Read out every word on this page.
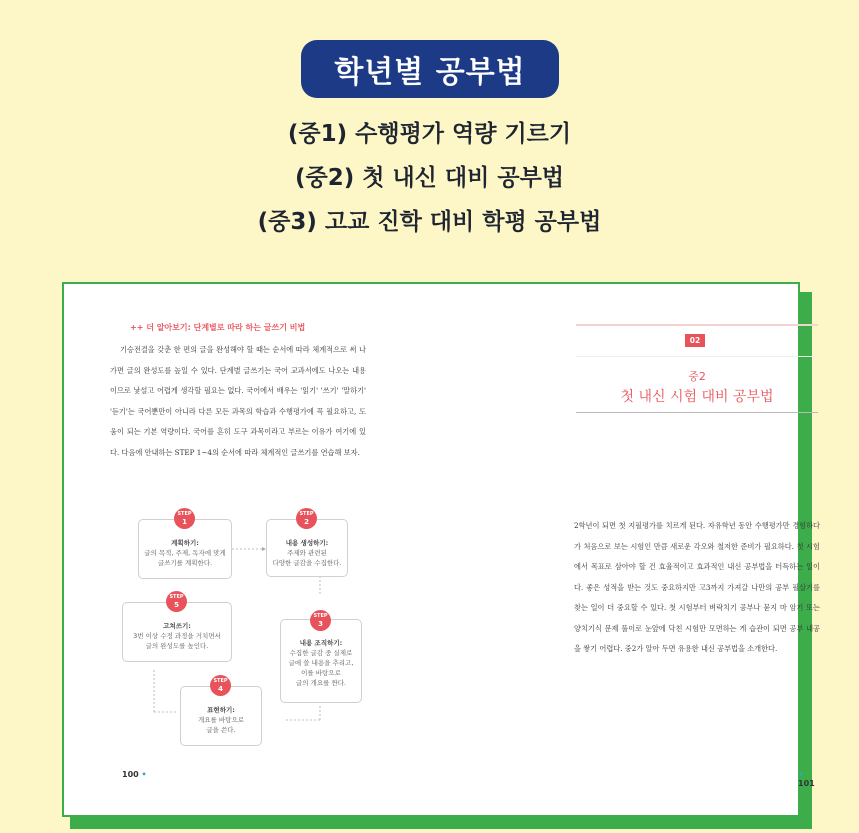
학년별 공부법
(중1) 수행평가 역량 기르기
(중2) 첫 내신 대비 공부법
(중3) 고교 진학 대비 학평 공부법
++ 더 알아보기: 단계별로 따라 하는 글쓰기 비법

기승전결을 갖춘 한 편의 글을 완성해야 할 때는 순서에 따라 체계적으로 써 나가면 글의 완성도를 높일 수 있다. 단계별 글쓰기는 국어 교과서에도 나오는 내용이므로 낯설고 어렵게 생각할 필요는 없다. 국어에서 배우는 '읽기' '쓰기' '말하기' '듣기'는 국어뿐만이 아니라 다른 모든 과목의 학습과 수행평가에 꼭 필요하고, 도움이 되는 기본 역량이다. 국어를 흔히 도구 과목이라고 부르는 이유가 여기에 있다. 다음에 안내하는 STEP 1~4의 순서에 따라 체계적인 글쓰기를 연습해 보자.

계획하기:
글의 목적, 주제, 독자에 맞게
글쓰기를 계획한다.
STEP
1
내용 생성하기:
주제와 관련된
다양한 글감을 수집한다.
STEP
2
내용 조직하기:
수집한 글감 중 실제로
글에 쓸 내용을 추리고,
이를 바탕으로
글의 개요를 짠다.
STEP
3
표현하기:
개요를 바탕으로
글을 쓴다.
STEP
4
고쳐쓰기:
3번 이상 수정 과정을 거치면서
글의 완성도를 높인다.
STEP
5
100 •
02
중2
첫 내신 시험 대비 공부법

2학년이 되면 첫 지필평가를 치르게 된다. 자유학년 동안 수행평가만 경험하다가 처음으로 보는 시험인 만큼 새로운 각오와 철저한 준비가 필요하다. 첫 시험에서 목표로 삼아야 할 건 효율적이고 효과적인 내신 공부법을 터득하는 일이다. 좋은 성적을 받는 것도 중요하지만 고3까지 가져갈 나만의 공부 필살기를 찾는 일이 더 중요할 수 있다. 첫 시험부터 벼락치기 공부나 묻지 마 암기 또는 양치기식 문제 풀이로 눈앞에 닥친 시험만 모면하는 게 습관이 되면 공부 내공을 쌓기 어렵다. 중2가 알아 두면 유용한 내신 공부법을 소개한다.

• 101
